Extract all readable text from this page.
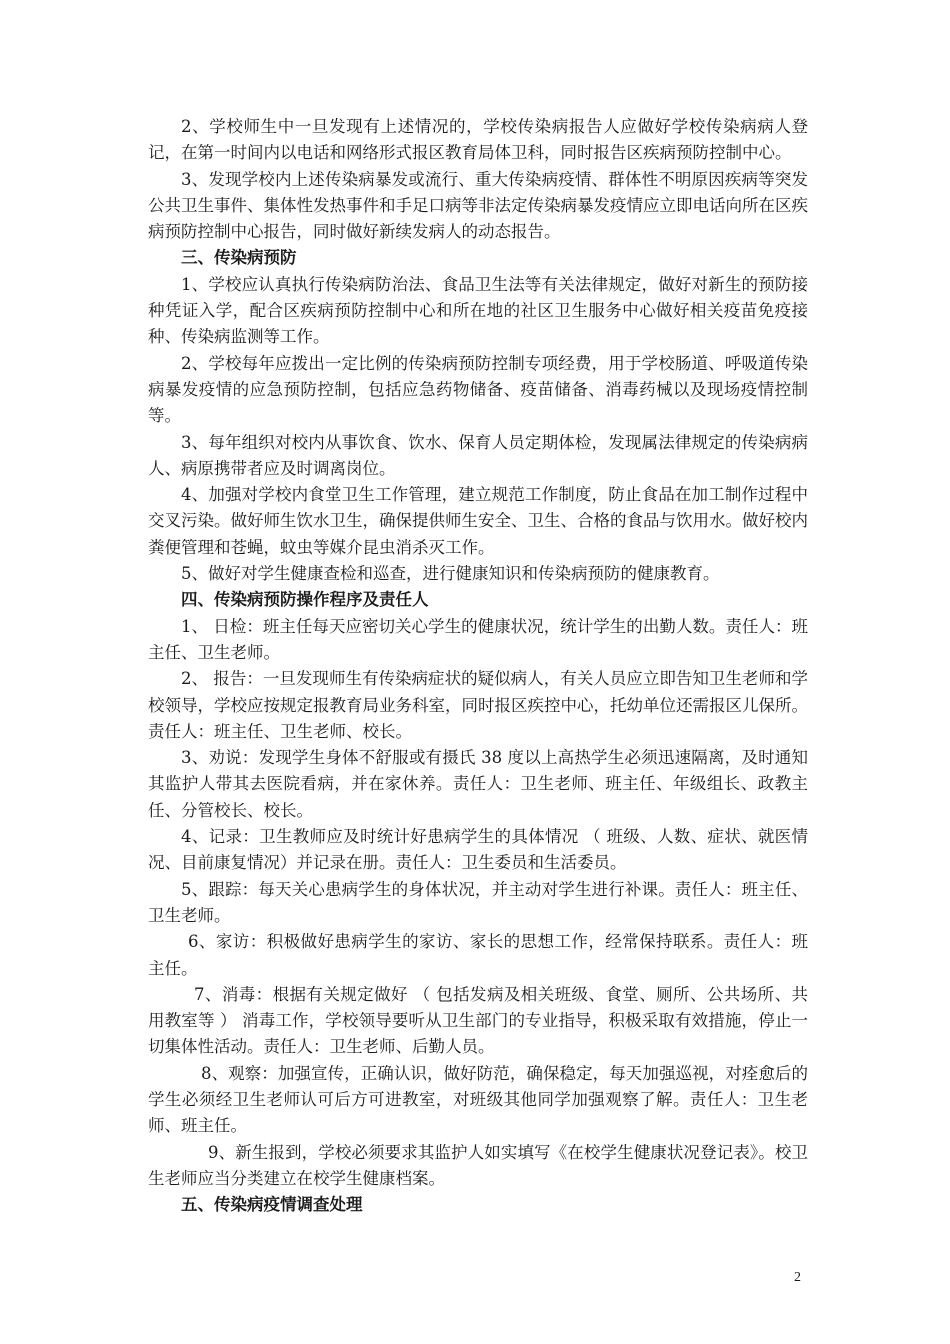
2、学校师生中一旦发现有上述情况的，学校传染病报告人应做好学校传染病病人登记，在第一时间内以电话和网络形式报区教育局体卫科，同时报告区疾病预防控制中心。

3、发现学校内上述传染病暴发或流行、重大传染病疫情、群体性不明原因疾病等突发公共卫生事件、集体性发热事件和手足口病等非法定传染病暴发疫情应立即电话向所在区疾病预防控制中心报告，同时做好新续发病人的动态报告。

三、传染病预防

1、学校应认真执行传染病防治法、食品卫生法等有关法律规定，做好对新生的预防接种凭证入学，配合区疾病预防控制中心和所在地的社区卫生服务中心做好相关疫苗免疫接种、传染病监测等工作。

2、学校每年应拨出一定比例的传染病预防控制专项经费，用于学校肠道、呼吸道传染病暴发疫情的应急预防控制，包括应急药物储备、疫苗储备、消毒药械以及现场疫情控制等。

3、每年组织对校内从事饮食、饮水、保育人员定期体检，发现属法律规定的传染病病人、病原携带者应及时调离岗位。

4、加强对学校内食堂卫生工作管理，建立规范工作制度，防止食品在加工制作过程中交叉污染。做好师生饮水卫生，确保提供师生安全、卫生、合格的食品与饮用水。做好校内粪便管理和苍蝇，蚊虫等媒介昆虫消杀灭工作。

5、做好对学生健康查检和巡查，进行健康知识和传染病预防的健康教育。

四、传染病预防操作程序及责任人

1、 日检：班主任每天应密切关心学生的健康状况，统计学生的出勤人数。责任人：班主任、卫生老师。

2、 报告：一旦发现师生有传染病症状的疑似病人，有关人员应立即告知卫生老师和学校领导，学校应按规定报教育局业务科室，同时报区疾控中心，托幼单位还需报区儿保所。责任人：班主任、卫生老师、校长。

3、劝说：发现学生身体不舒服或有摄氏 38 度以上高热学生必须迅速隔离，及时通知其监护人带其去医院看病，并在家休养。责任人：卫生老师、班主任、年级组长、政教主任、分管校长、校长。

4、记录：卫生教师应及时统计好患病学生的具体情况 （ 班级、人数、症状、就医情况、目前康复情况）并记录在册。责任人：卫生委员和生活委员。

5、跟踪：每天关心患病学生的身体状况，并主动对学生进行补课。责任人：班主任、卫生老师。

6、家访：积极做好患病学生的家访、家长的思想工作，经常保持联系。责任人：班主任。

7、消毒：根据有关规定做好 （ 包括发病及相关班级、食堂、厕所、公共场所、共用教室等 ） 消毒工作，学校领导要听从卫生部门的专业指导，积极采取有效措施，停止一切集体性活动。责任人：卫生老师、后勤人员。

8、观察：加强宣传，正确认识，做好防范，确保稳定，每天加强巡视，对痊愈后的学生必须经卫生老师认可后方可进教室，对班级其他同学加强观察了解。责任人：卫生老师、班主任。

9、新生报到，学校必须要求其监护人如实填写《在校学生健康状况登记表》。校卫生老师应当分类建立在校学生健康档案。

五、传染病疫情调查处理

2
